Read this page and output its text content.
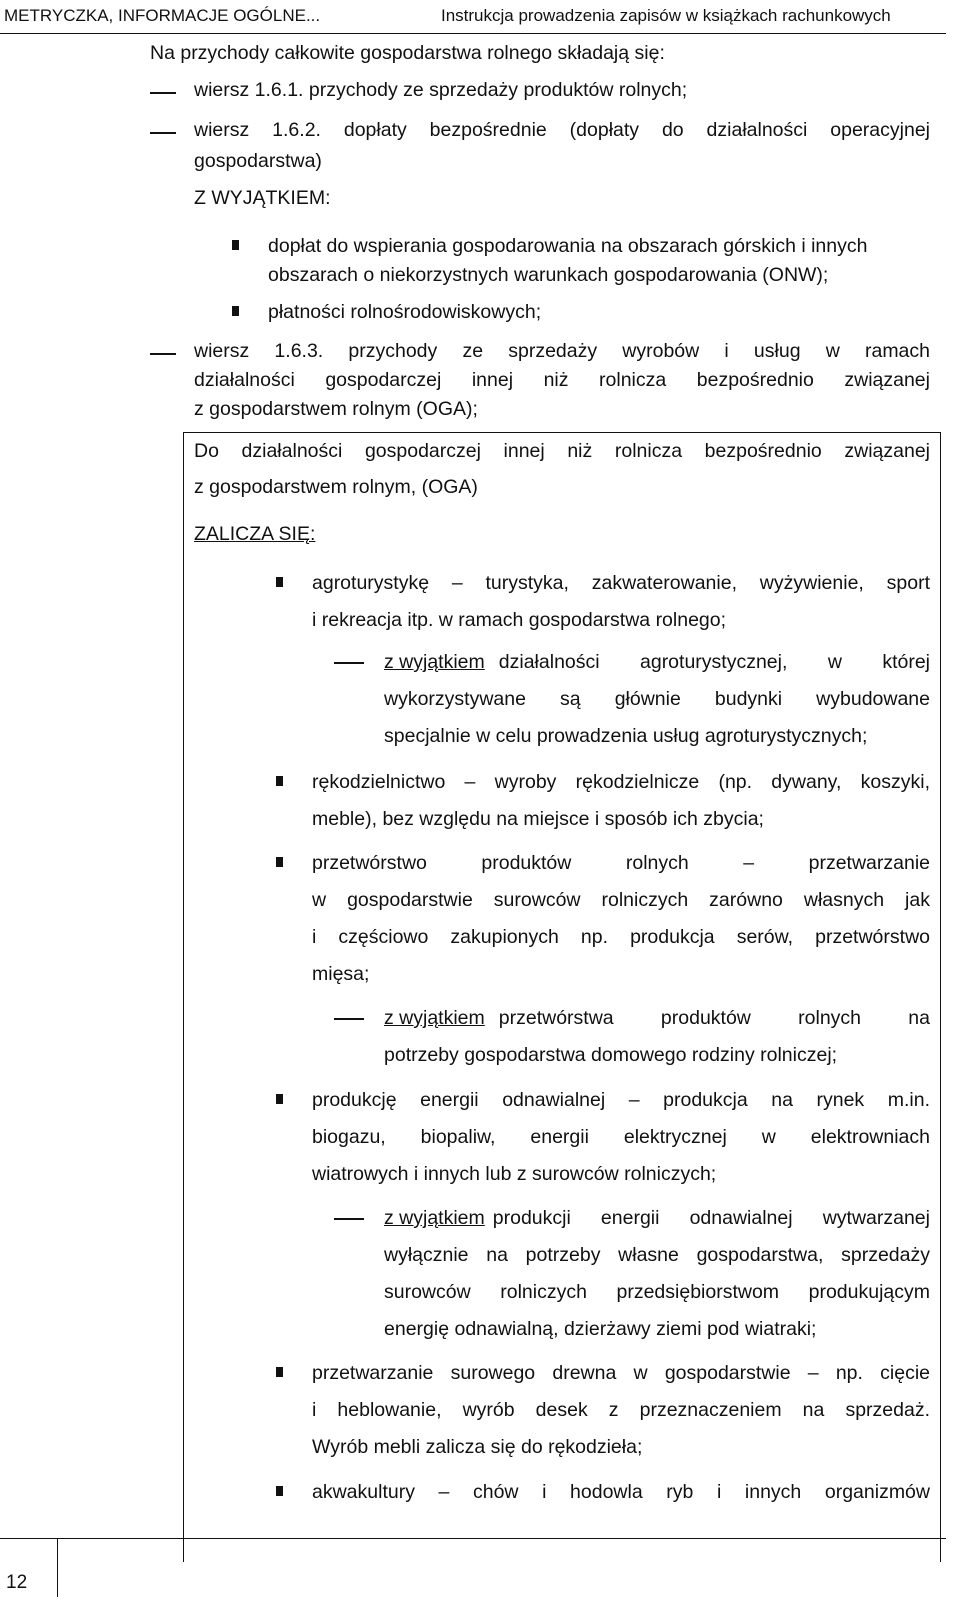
METRYCZKA, INFORMACJE OGÓLNE...	Instrukcja prowadzenia zapisów w książkach rachunkowych
Na przychody całkowite gospodarstwa rolnego składają się:
wiersz 1.6.1. przychody ze sprzedaży produktów rolnych;
wiersz 1.6.2. dopłaty bezpośrednie (dopłaty do działalności operacyjnej
gospodarstwa)
Z WYJĄTKIEM:
dopłat do wspierania gospodarowania na obszarach górskich i innych
obszarach o niekorzystnych warunkach gospodarowania (ONW);
płatności rolnośrodowiskowych;
wiersz 1.6.3. przychody ze sprzedaży wyrobów i usług w ramach
działalności gospodarczej innej niż rolnicza bezpośrednio związanej
z gospodarstwem rolnym (OGA);
Do działalności gospodarczej innej niż rolnicza bezpośrednio związanej
z gospodarstwem rolnym, (OGA)
ZALICZA SIĘ:
agroturystykę – turystyka, zakwaterowanie, wyżywienie, sport
i rekreacja itp. w ramach gospodarstwa rolnego;
z wyjątkiem działalności agroturystycznej, w której
wykorzystywane są głównie budynki wybudowane
specjalnie w celu prowadzenia usług agroturystycznych;
rękodzielnictwo – wyroby rękodzielnicze (np. dywany, koszyki,
meble), bez względu na miejsce i sposób ich zbycia;
przetwórstwo produktów rolnych – przetwarzanie
w gospodarstwie surowców rolniczych zarówno własnych jak
i częściowo zakupionych np. produkcja serów, przetwórstwo
mięsa;
z wyjątkiem przetwórstwa produktów rolnych na
potrzeby gospodarstwa domowego rodziny rolniczej;
produkcję energii odnawialnej – produkcja na rynek m.in.
biogazu, biopaliw, energii elektrycznej w elektrowniach
wiatrowych i innych lub z surowców rolniczych;
z wyjątkiem produkcji energii odnawialnej wytwarzanej
wyłącznie na potrzeby własne gospodarstwa, sprzedaży
surowców rolniczych przedsiębiorstwom produkującym
energię odnawialną, dzierżawy ziemi pod wiatraki;
przetwarzanie surowego drewna w gospodarstwie – np. cięcie
i heblowanie, wyrób desek z przeznaczeniem na sprzedaż.
Wyrób mebli zalicza się do rękodzieła;
akwakultury – chów i hodowla ryb i innych organizmów
12
